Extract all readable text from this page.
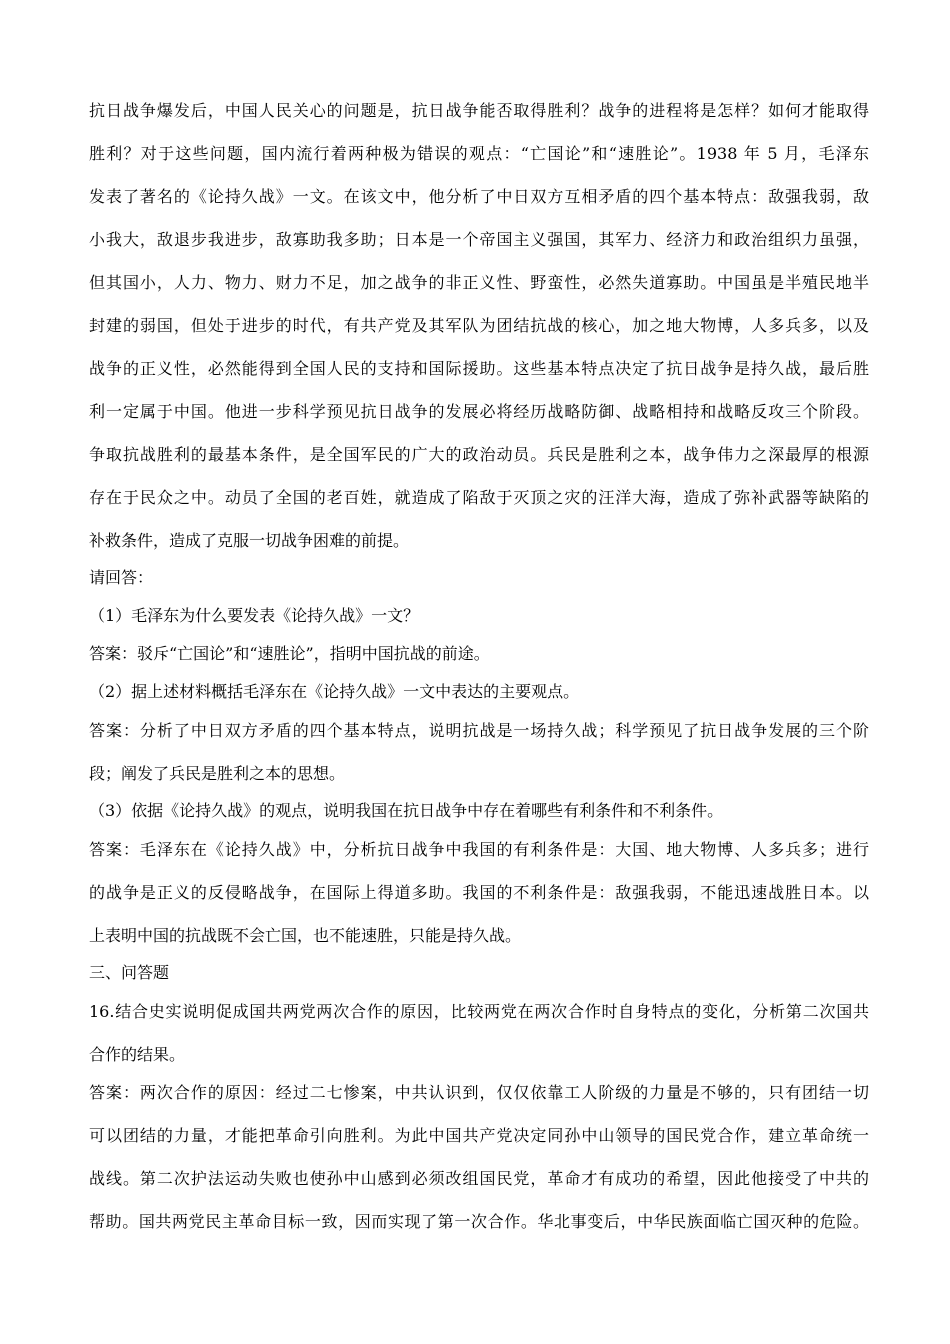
抗日战争爆发后，中国人民关心的问题是，抗日战争能否取得胜利？战争的进程将是怎样？如何才能取得
胜利？对于这些问题，国内流行着两种极为错误的观点：“亡国论”和“速胜论”。1938 年 5 月，毛泽东
发表了著名的《论持久战》一文。在该文中，他分析了中日双方互相矛盾的四个基本特点：敌强我弱，敌
小我大，敌退步我进步，敌寡助我多助；日本是一个帝国主义强国，其军力、经济力和政治组织力虽强，
但其国小，人力、物力、财力不足，加之战争的非正义性、野蛮性，必然失道寡助。中国虽是半殖民地半
封建的弱国，但处于进步的时代，有共产党及其军队为团结抗战的核心，加之地大物博，人多兵多，以及
战争的正义性，必然能得到全国人民的支持和国际援助。这些基本特点决定了抗日战争是持久战，最后胜
利一定属于中国。他进一步科学预见抗日战争的发展必将经历战略防御、战略相持和战略反攻三个阶段。
争取抗战胜利的最基本条件，是全国军民的广大的政治动员。兵民是胜利之本，战争伟力之深最厚的根源
存在于民众之中。动员了全国的老百姓，就造成了陷敌于灭顶之灾的汪洋大海，造成了弥补武器等缺陷的
补救条件，造成了克服一切战争困难的前提。
请回答：
（1）毛泽东为什么要发表《论持久战》一文？
答案：驳斥“亡国论”和“速胜论”，指明中国抗战的前途。
（2）据上述材料概括毛泽东在《论持久战》一文中表达的主要观点。
答案：分析了中日双方矛盾的四个基本特点，说明抗战是一场持久战；科学预见了抗日战争发展的三个阶
段；阐发了兵民是胜利之本的思想。
（3）依据《论持久战》的观点，说明我国在抗日战争中存在着哪些有利条件和不利条件。
答案：毛泽东在《论持久战》中，分析抗日战争中我国的有利条件是：大国、地大物博、人多兵多；进行
的战争是正义的反侵略战争，在国际上得道多助。我国的不利条件是：敌强我弱，不能迅速战胜日本。以
上表明中国的抗战既不会亡国，也不能速胜，只能是持久战。
三、问答题
16.结合史实说明促成国共两党两次合作的原因，比较两党在两次合作时自身特点的变化，分析第二次国共
合作的结果。
答案：两次合作的原因：经过二七惨案，中共认识到，仅仅依靠工人阶级的力量是不够的，只有团结一切
可以团结的力量，才能把革命引向胜利。为此中国共产党决定同孙中山领导的国民党合作，建立革命统一
战线。第二次护法运动失败也使孙中山感到必须改组国民党，革命才有成功的希望，因此他接受了中共的
帮助。国共两党民主革命目标一致，因而实现了第一次合作。华北事变后，中华民族面临亡国灭种的危险。
